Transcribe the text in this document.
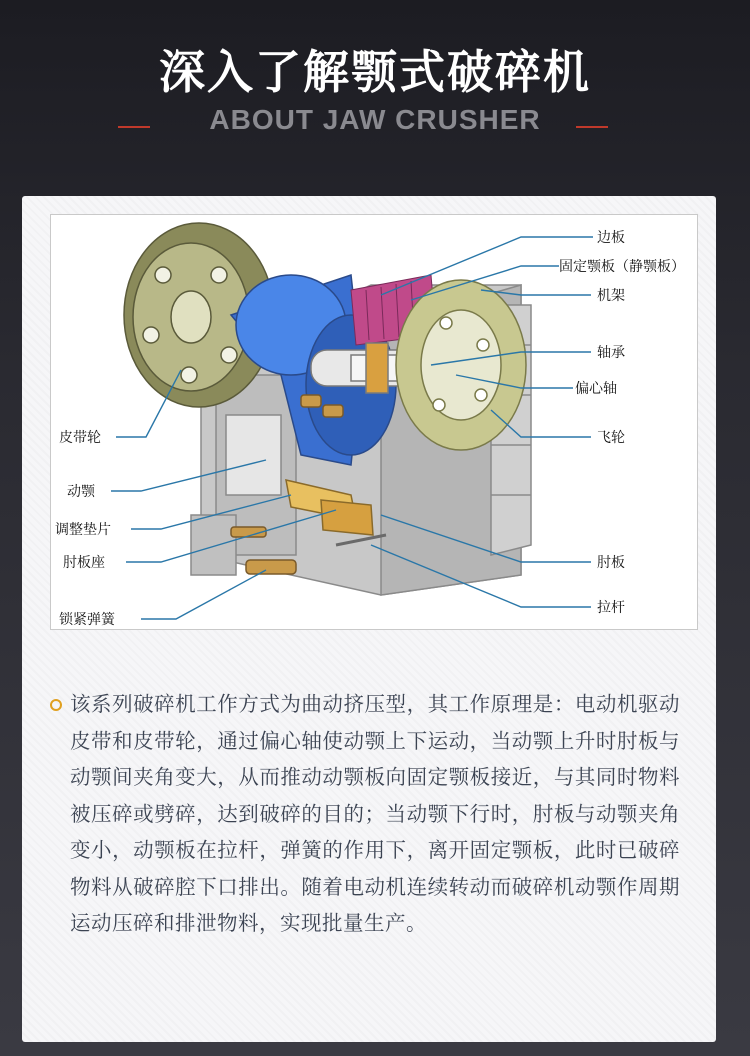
深入了解颚式破碎机
ABOUT JAW CRUSHER
边板
固定颚板（静颚板）
机架
轴承
偏心轴
飞轮
肘板
拉杆
皮带轮
动颚
调整垫片
肘板座
锁紧弹簧
该系列破碎机工作方式为曲动挤压型，其工作原理是：电动机驱动皮带和皮带轮，通过偏心轴使动颚上下运动，当动颚上升时肘板与动颚间夹角变大，从而推动动颚板向固定颚板接近，与其同时物料被压碎或劈碎，达到破碎的目的；当动颚下行时，肘板与动颚夹角变小，动颚板在拉杆，弹簧的作用下，离开固定颚板，此时已破碎物料从破碎腔下口排出。随着电动机连续转动而破碎机动颚作周期运动压碎和排泄物料，实现批量生产。
